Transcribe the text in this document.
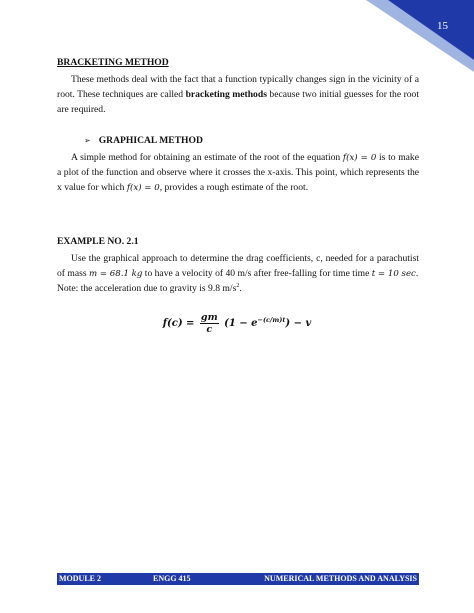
15
BRACKETING METHOD

These methods deal with the fact that a function typically changes sign in the vicinity of a root. These techniques are called bracketing methods because two initial guesses for the root are required.

➢ GRAPHICAL METHOD

A simple method for obtaining an estimate of the root of the equation f(x) = 0 is to make a plot of the function and observe where it crosses the x-axis. This point, which represents the x value for which f(x) = 0, provides a rough estimate of the root.

EXAMPLE NO. 2.1

Use the graphical approach to determine the drag coefficients, c, needed for a parachutist of mass m = 68.1 kg to have a velocity of 40 m/s after free-falling for time time t = 10 sec.

Note: the acceleration due to gravity is 9.8 $m/s^2$.
$f(c) = \frac{gm}{c} (1 - e-(c/m)t) - v$
MODULE 2	ENGG 415	NUMERICAL METHODS AND ANALYSIS
